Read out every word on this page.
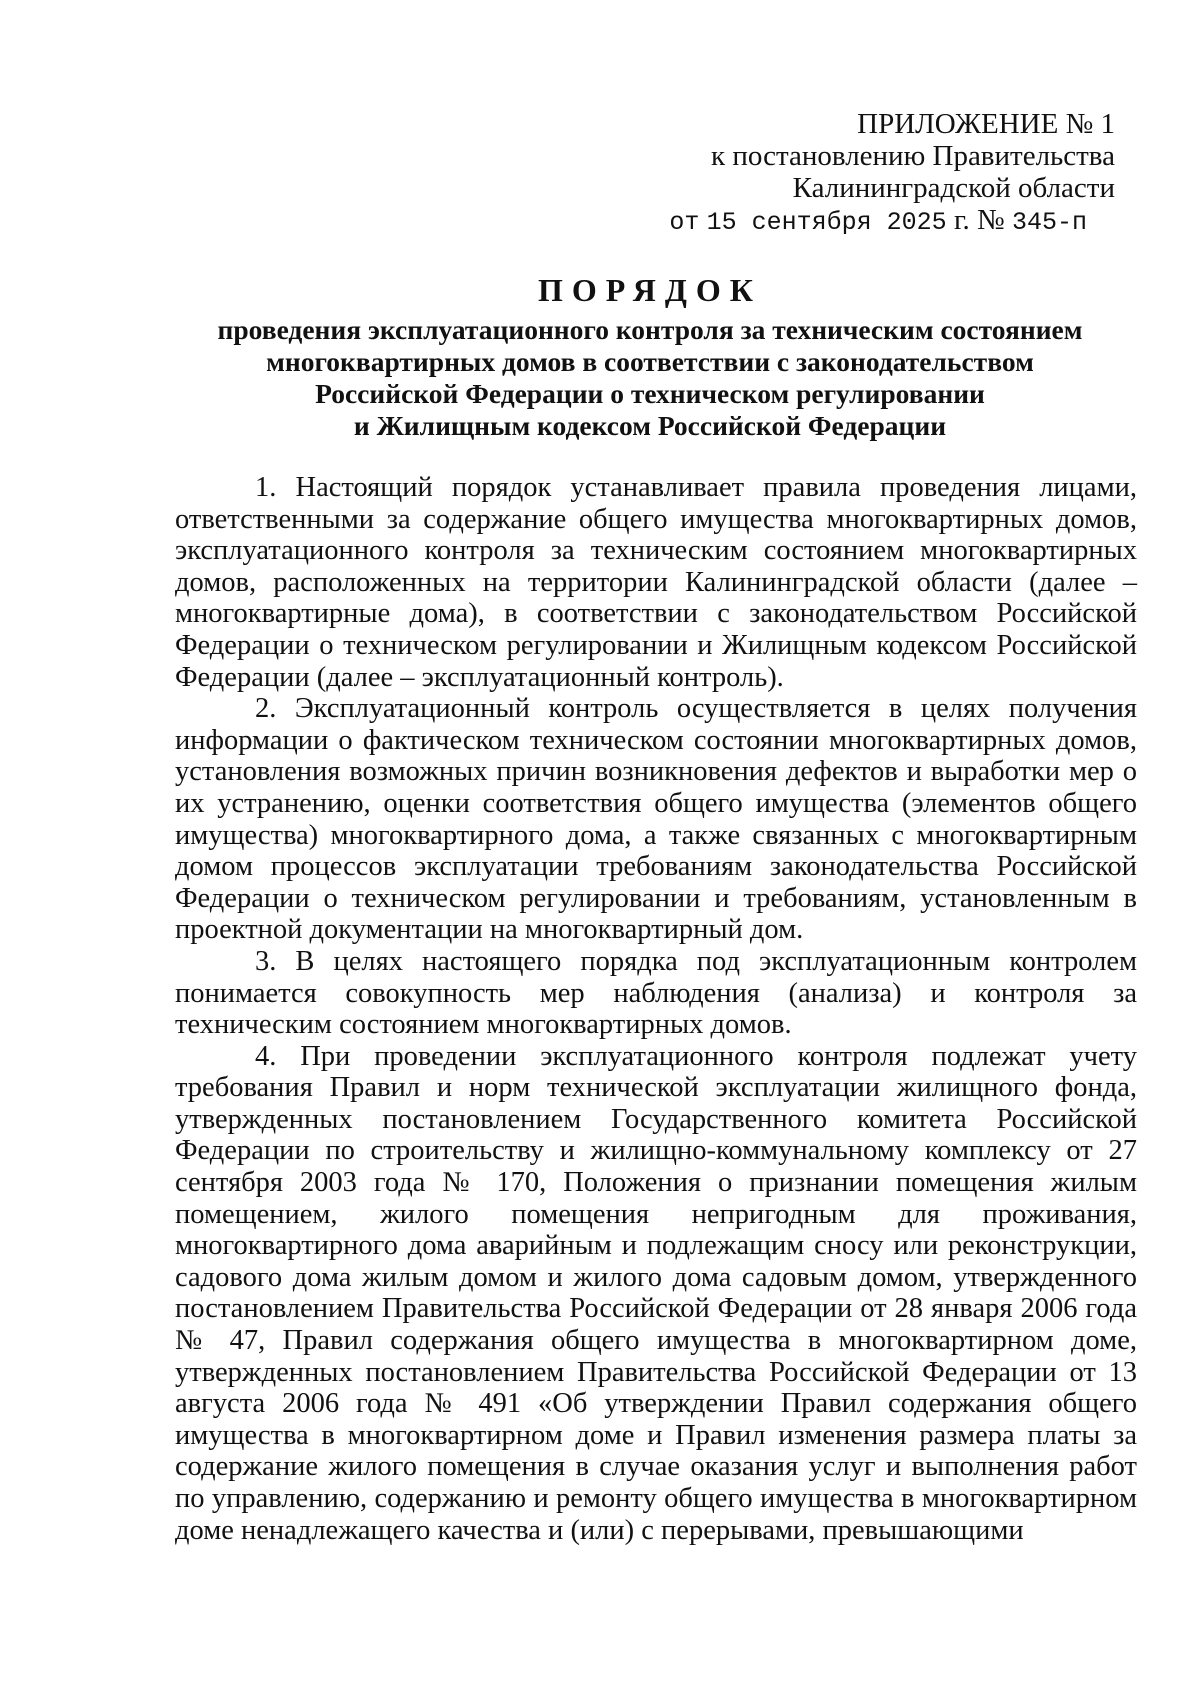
ПРИЛОЖЕНИЕ № 1
к постановлению Правительства
Калининградской области
от 15 сентября 2025 г. № 345-п
ПОРЯДОК
проведения эксплуатационного контроля за техническим состоянием
многоквартирных домов в соответствии с законодательством
Российской Федерации о техническом регулировании
и Жилищным кодексом Российской Федерации

1. Настоящий порядок устанавливает правила проведения лицами, ответственными за содержание общего имущества многоквартирных домов, эксплуатационного контроля за техническим состоянием многоквартирных домов, расположенных на территории Калининградской области (далее – многоквартирные дома), в соответствии с законодательством Российской Федерации о техническом регулировании и Жилищным кодексом Российской Федерации (далее – эксплуатационный контроль).

2. Эксплуатационный контроль осуществляется в целях получения информации о фактическом техническом состоянии многоквартирных домов, установления возможных причин возникновения дефектов и выработки мер о их устранению, оценки соответствия общего имущества (элементов общего имущества) многоквартирного дома, а также связанных с многоквартирным домом процессов эксплуатации требованиям законодательства Российской Федерации о техническом регулировании и требованиям, установленным в проектной документации на многоквартирный дом.

3. В целях настоящего порядка под эксплуатационным контролем понимается совокупность мер наблюдения (анализа) и контроля за техническим состоянием многоквартирных домов.

4. При проведении эксплуатационного контроля подлежат учету требования Правил и норм технической эксплуатации жилищного фонда, утвержденных постановлением Государственного комитета Российской Федерации по строительству и жилищно-коммунальному комплексу от 27 сентября 2003 года № 170, Положения о признании помещения жилым помещением, жилого помещения непригодным для проживания, многоквартирного дома аварийным и подлежащим сносу или реконструкции, садового дома жилым домом и жилого дома садовым домом, утвержденного постановлением Правительства Российской Федерации от 28 января 2006 года № 47, Правил содержания общего имущества в многоквартирном доме, утвержденных постановлением Правительства Российской Федерации от 13 августа 2006 года № 491 «Об утверждении Правил содержания общего имущества в многоквартирном доме и Правил изменения размера платы за содержание жилого помещения в случае оказания услуг и выполнения работ по управлению, содержанию и ремонту общего имущества в многоквартирном доме ненадлежащего качества и (или) с перерывами, превышающими
